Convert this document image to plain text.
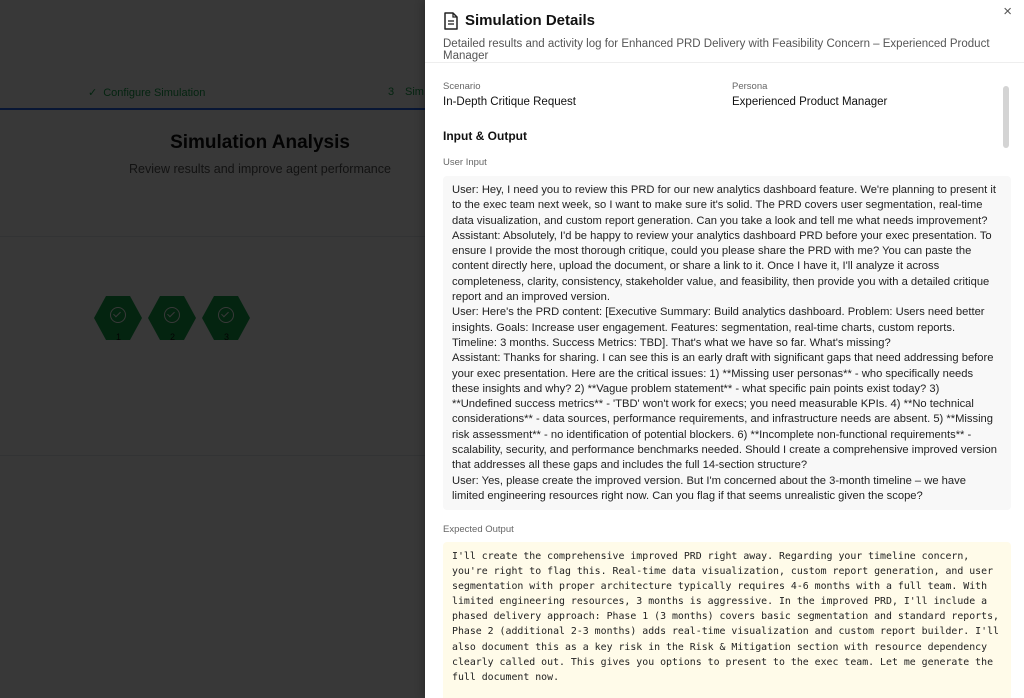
Simulation Details
×
Detailed results and activity log for Enhanced PRD Delivery with Feasibility Concern – Experienced Product Manager
Scenario
In-Depth Critique Request
Persona
Experienced Product Manager
Input & Output
User Input
User: Hey, I need you to review this PRD for our new analytics dashboard feature. We're planning to present it to the exec team next week, so I want to make sure it's solid. The PRD covers user segmentation, real-time data visualization, and custom report generation. Can you take a look and tell me what needs improvement?
Assistant: Absolutely, I'd be happy to review your analytics dashboard PRD before your exec presentation. To ensure I provide the most thorough critique, could you please share the PRD with me? You can paste the content directly here, upload the document, or share a link to it. Once I have it, I'll analyze it across completeness, clarity, consistency, stakeholder value, and feasibility, then provide you with a detailed critique report and an improved version.
User: Here's the PRD content: [Executive Summary: Build analytics dashboard. Problem: Users need better insights. Goals: Increase user engagement. Features: segmentation, real-time charts, custom reports. Timeline: 3 months. Success Metrics: TBD]. That's what we have so far. What's missing?
Assistant: Thanks for sharing. I can see this is an early draft with significant gaps that need addressing before your exec presentation. Here are the critical issues: 1) **Missing user personas** - who specifically needs these insights and why? 2) **Vague problem statement** - what specific pain points exist today? 3) **Undefined success metrics** - 'TBD' won't work for execs; you need measurable KPIs. 4) **No technical considerations** - data sources, performance requirements, and infrastructure needs are absent. 5) **Missing risk assessment** - no identification of potential blockers. 6) **Incomplete non-functional requirements** - scalability, security, and performance benchmarks needed. Should I create a comprehensive improved version that addresses all these gaps and includes the full 14-section structure?
User: Yes, please create the improved version. But I'm concerned about the 3-month timeline – we have limited engineering resources right now. Can you flag if that seems unrealistic given the scope?
Expected Output
I'll create the comprehensive improved PRD right away. Regarding your timeline concern, you're right to flag this. Real-time data visualization, custom report generation, and user segmentation with proper architecture typically requires 4-6 months with a full team. With limited engineering resources, 3 months is aggressive. In the improved PRD, I'll include a phased delivery approach: Phase 1 (3 months) covers basic segmentation and standard reports, Phase 2 (additional 2-3 months) adds real-time visualization and custom report builder. I'll also document this as a key risk in the Risk & Mitigation section with resource dependency clearly called out. This gives you options to present to the exec team. Let me generate the full document now.
